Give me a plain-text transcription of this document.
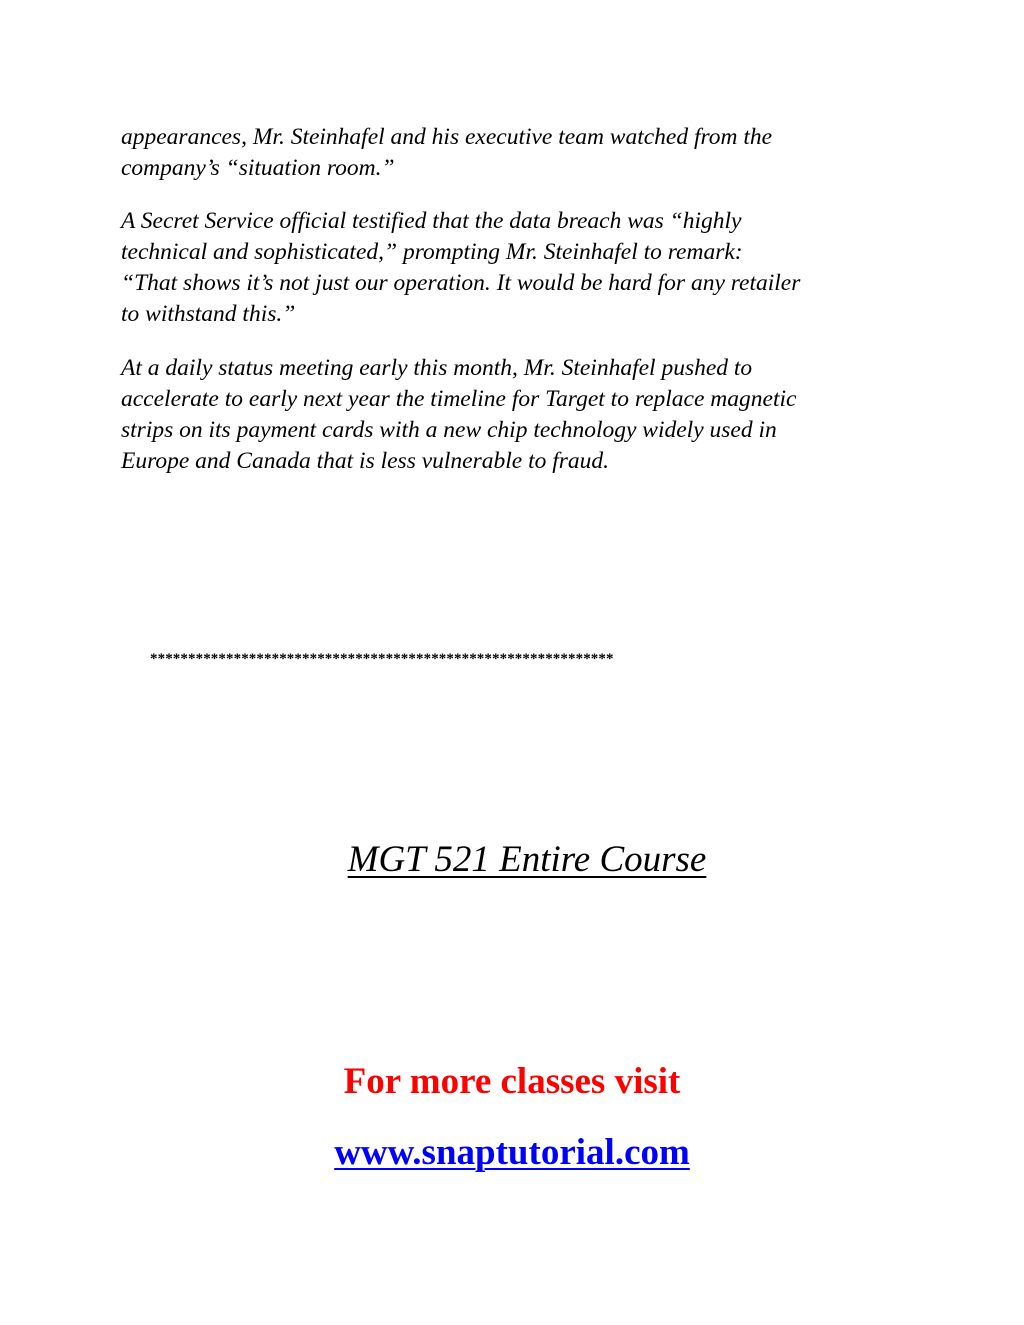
appearances, Mr. Steinhafel and his executive team watched from the
company’s “situation room.”
A Secret Service official testified that the data breach was “highly
technical and sophisticated,” prompting Mr. Steinhafel to remark:
“That shows it’s not just our operation. It would be hard for any retailer
to withstand this.”
At a daily status meeting early this month, Mr. Steinhafel pushed to
accelerate to early next year the timeline for Target to replace magnetic
strips on its payment cards with a new chip technology widely used in
Europe and Canada that is less vulnerable to fraud.
*************************************************************
MGT 521 Entire Course
For more classes visit
www.snaptutorial.com
